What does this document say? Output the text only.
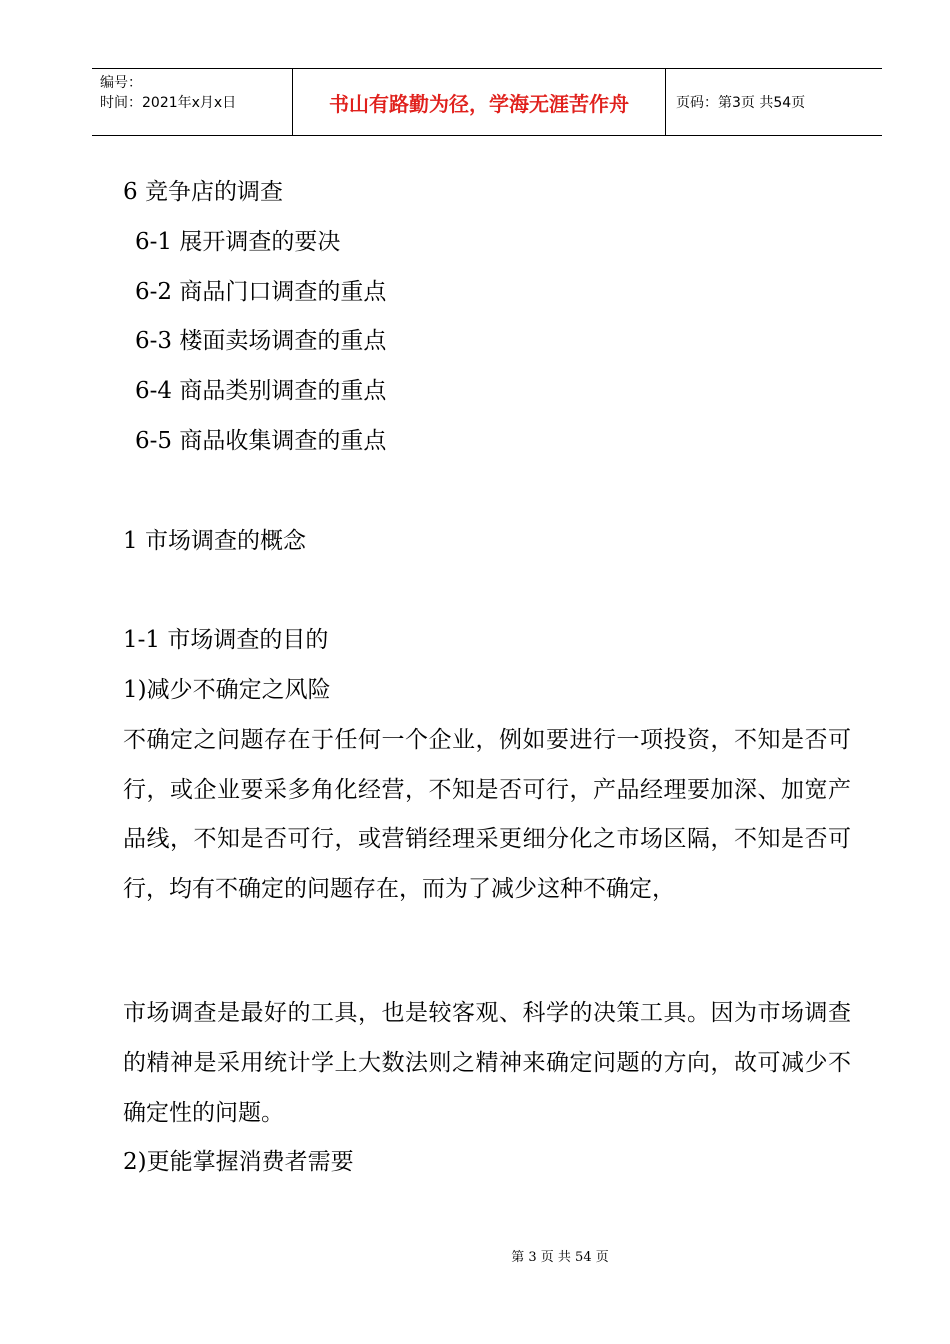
编号：
时间：2021年x月x日	书山有路勤为径，学海无涯苦作舟	页码：第3页 共54页
6 竞争店的调查
6-1 展开调查的要决
6-2 商品门口调查的重点
6-3 楼面卖场调查的重点
6-4 商品类别调查的重点
6-5 商品收集调查的重点
1 市场调查的概念
1-1 市场调查的目的
1)减少不确定之风险
不确定之问题存在于任何一个企业，例如要进行一项投资，不知是否可行，或企业要采多角化经营，不知是否可行，产品经理要加深、加宽产品线，不知是否可行，或营销经理采更细分化之市场区隔，不知是否可行，均有不确定的问题存在，而为了减少这种不确定，
市场调查是最好的工具，也是较客观、科学的决策工具。因为市场调查的精神是采用统计学上大数法则之精神来确定问题的方向，故可减少不确定性的问题。
2)更能掌握消费者需要
第 3 页 共 54 页
